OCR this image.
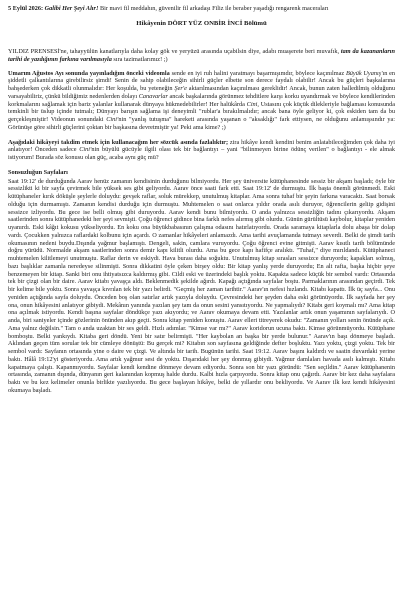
5 Eylül 2026: Galibi Her Şeyi Alır! Bir mavi fil meddahın, güvenilir fil arkadaşı Filiz ile beraber yaşadığı rengarenk maceraları

Hikâyenin DÖRT YÜZ ONBİR İNCİ Bölümü

YILDIZ PRENSESİ'ne, tahayyülün kanatlarıyla daha kolay gök ve yeryüzü arasında uçabilsin diye, adabı muaşerete beri muvafık, tam da kazananların tarihi de yazdığının farkına varılmasıyla sıra tazimatlarımız! ;)

Umarım Ağustos Ayı sonunda yayınladığım önceki videomla sende en iyi ruh halini yaratmayı başarmışımdır, böylece kaçınılmaz Büyük Uyanış'ın en şiddetli çalkantılarına girebilirsiz şimdi! Senin de sahip olabileceğin sihirli güçler elbette son derece faydalı olabilir! Ancak bu güçleri başkalarına bahşederken çok dikkatli olunmalıdır: Her koşulda, bu yeteneğin Şer'e aktarılmasından kaçınılması gereklidir! Ancak, bunun zaten halledilmiş olduğunu varsayabiliriz, çünkü bildiğimiz nedenlerden dolayı Canavarlar ancak başkalarında görünmez tehditlere karşı korku uyandırmak ve böylece kendilerinden korkmalarını sağlamak için bariz yalanlar kullanarak dünyaya hükmedebilirler! Her halükârda Cini, Ustasını çok küçük dilekleriyle bağlaması konusunda temkinli bir üslup içinde tutmalı; Dünyayı barışın sağlama işi deneyimli "rublar'a bırakılmalıdır; ancak bana öyle geliyor ki, çok eskiden tam da bu gerçekleşmiştir! Videonun sonundaki Cini'nin "yanlış tutuşma" hareketi arasında yaşanan o "aksaklığı" fark ettiysen, ne olduğunu anlamışsındır ya: Görünüşe göre sihirli güçlerini çoktan bir başkasına devretmiştir ya! Peki ama kime? ;)

Aşağıdaki hikâyeyi takdim etmek için kullanacağım her sözcük asında fazlalıktır; zira hikâye kendi kendini benim anlatabileceğimden çok daha iyi anlatıyor! Önceden sadece Cini'nin büyülü gücüyle ilgili olası tek bir bağlantıyı – yani "bilinmeyen birine ödünç verilen" o bağlantıyı - ele almak istiyorum! Burada söz konusu olan güç, acaba aynı güç mü?

Sonsuzluğun Sayfaları

Saat 19:12' de durduğunda Aarav henüz zamanın kendisinin durduğunu bilmiyordu. Her şey üniversite kütüphanesinde sessiz bir akşam başladı; öyle bir sessizlikti ki bir sayfa çevirmek bile yüksek ses gibi geliyordu. Aarav önce saati fark etti. Saat 19:12' de durmuştu. İlk başta önemli görünmedi. Eski kütüphaneler kırık döküşle şeylerle doluydu: gevşek raflar, soluk mürekkep, unutulmuş kitaplar. Ama sonra tuhaf bir şeyin farkına varacaktı. Saat borsak olduğu için durmamıştı. Zamanın kendisi durduğu için durmuştu. Muhtemelen o saat onlarca yıldır orada asılı duruyor, öğrencilerin geliip gidişini sessizce izliyordu. Bu gece ise belli olmuş gibi duruyordu. Aarav kendi bunu bilmiyordu. O anda yalnızca sessizliğin tadını çıkarıyordu. Akşam saatlerinden sonra kütüphanedeki her şeyi sevmişti. Çoğu öğrenci gidince bina farklı nefes alırmış gibi olurdu. Günün gürültüsü kaybolur, kitaplar yeniden uyanırdı. Eski kâğıt kokusu yükseliyordu. En koku ona büyükbabasının çalışma odasını hatırlatıyordu. Orada saramaya kitaplarla dolu abaşa bir dolap vardı. Çocukken yalnızca raflardaki kolbunu için açardı. O zamanlar hikâyeleri anlamazdı. Ama tarihi avuçlamanda tutmayı severdi. Belki de şimdi tarih okumasının nedeni buydu.Dışında yağmur başlamıştı. Dengeli, sakin, camlara vuruyordu. Çoğu öğrenci evine gitmişti. Aarav kısıtlı tarih bölümünde doğru yürüdü. Normalde akşam saatlerinden sonra demir kapı kilitli olurdu. Ama bu gece kapı hafifçe aralıktı. "Tuhaf," diye mırıldandı. Kütüphaneci muhtemelen kilitlemeyi unutmuştu. Raflar derin ve eskiydi. Hava burası daha soğuktu. Unutulmuş kitap sırasları sessizce duruyordu; kapakları solmuş, bazı başlıklar zamanla neredeyse silinmişti. Sonra dikkatini öyle çeken birşey oldu: Bir kitap yanlış yerde duruyordu; En alt rafta, başka hiçbir şeye benzemeyen bir kitap. Sanki biri onu ihtiyatsızca kaldırmış gibi. Cildi eski ve üzerindeki başlık yoktu. Kapakta sadece küçük bir sembol vardı: Ortasında tek bir çizgi olan bir daire. Aarav kitabı yavaşça aldı. Beklenmedik şekilde ağırdı. Kapağı açtığında sayfalar boştu. Parmaklarının arasından geçirdi. Tek bir kelime bile yoktu. Sonra yavaşça kıvrılan tek bir yazı belirdi. "Geçmiş her zaman tarihtir." Aarav'ın nefesi hızlandı. Kitabı kapattı. İlk üç sayfa... Onu yeniden açtığında sayfa doluydu. Önceden boş olan satırlar artık yazıyla doluydu. Çevresindeki her şeyden daha eski görünüyordu. İlk sayfada her şey ona, onun hikâyesini anlatıyor gibiydi. Mekânın yanında yazılan şey tam da onun sesini yansıtıyordu. Ne yapmalıydı? Kitabı geri koymalı mı? Ama kitap ona açılmak istiyordu. Kendi başına sayfalar döndükçe yazı akıyordu; ve Aarav okumaya devam etti. Yazılanlar artık onun yaşamının sayfalarıydı. O anda, biri saniyeler içinde gözlerinin önünden akıp geçti. Sonra kitap yeniden konuştu. Aarav elleri titreyerek okudu: "Zamanın yolları senin önünde açık. Ama yalnız değilsin." Tam o anda uzaktan bir ses geldi. Hızlı adımlar. "Kimse var mı?" Aarav koridorun ucuna baktı. Kimse görünmüyordu. Kütüphane bomboştu. Belki yankıydı. Kitaba geri döndü. Yeni bir satır belirmişti. "Her kaybolan an başka bir yerde bulunur." Aarav'ın başı dönmeye başladı. Aklından geçen tüm sorular tek bir cümleye dönüştü: Bu gerçek mi? Kitabın son sayfasına geldiğinde defter boşluktu. Yazı yoktu, çizgi yoktu. Tek bir sembol vardı: Sayfanın ortasında yine o daire ve çizgi. Ve altında bir tarih. Bugünün tarihi. Saat 19:12. Aarav başını kaldırdı ve saatin duvardaki yerine baktı. Hâlâ 19:12'yi gösteriyordu. Ama artık yağmur sesi de yoktu. Dışarıdaki her şey donmuş gibiydi. Yağmur damlaları havada asılı kalmıştı. Kitabı kapatmaya çalıştı. Kapanmıyordu. Sayfalar kendi kendine dönmeye devam ediyordu. Sonra son bir yazı göründü: "Sen seçildin." Aarav kütüphanenin ortasında, zamanın dışında, dünyanın geri kalanından kopmuş halde durdu. Kalbi hızla çarpıyordu. Sonra kitap onu çağırdı. Aarav bir kez daha sayfalara baktı ve bu kez kelimeler onunla birlikte yazılıyordu. Bu gece başlayan hikâye, belki de yıllardır onu bekliyordu. Ve Aarav ilk kez kendi hikâyesini okumaya başladı.
